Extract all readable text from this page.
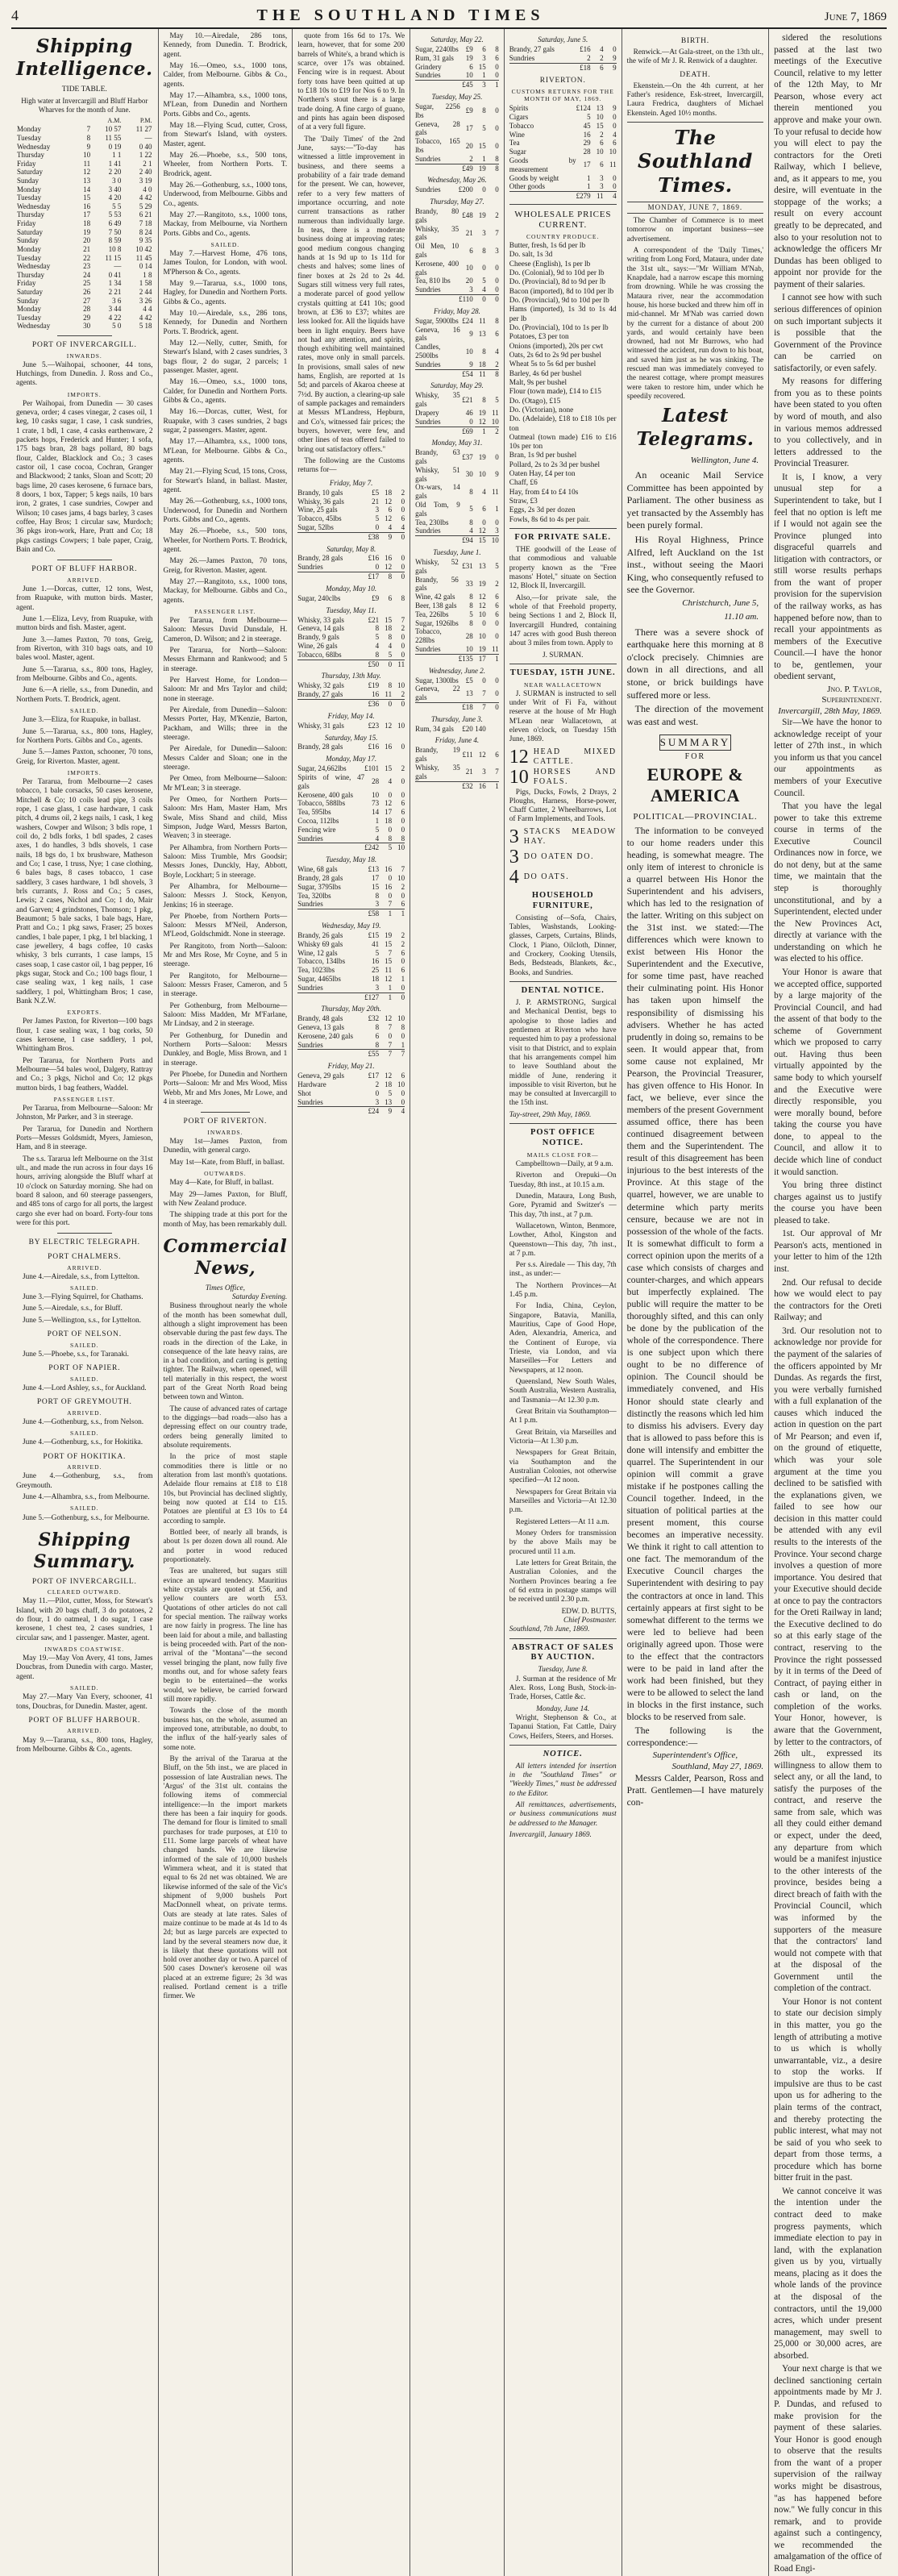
4	THE SOUTHLAND TIMES	June 7, 1869
Shipping Intelligence.
TIDE TABLE.
High water at Invercargill and Bluff Harbor Wharves for the month of June.
		A.M.	P.M.
Monday	7	10 57	11 27
Tuesday	8	11 55	—
Wednesday	9	0 19	0 40
Thursday	10	1 1	1 22
Friday	11	1 41	2 1
Saturday	12	2 20	2 40
Sunday	13	3 0	3 19
Monday	14	3 40	4 0
Tuesday	15	4 20	4 42
Wednesday	16	5 5	5 29
Thursday	17	5 53	6 21
Friday	18	6 49	7 18
Saturday	19	7 50	8 24
Sunday	20	8 59	9 35
Monday	21	10 8	10 42
Tuesday	22	11 15	11 45
Wednesday	23	—	0 14
Thursday	24	0 41	1 8
Friday	25	1 34	1 58
Saturday	26	2 21	2 44
Sunday	27	3 6	3 26
Monday	28	3 44	4 4
Tuesday	29	4 22	4 42
Wednesday	30	5 0	5 18
PORT OF INVERCARGILL.
INWARDS.

June 5.—Waihopai, schooner, 44 tons, Hutchings, from Dunedin. J. Ross and Co., agents.

IMPORTS.

Per Waihopai, from Dunedin — 30 cases geneva, order; 4 cases vinegar, 2 cases oil, 1 keg, 10 casks sugar, 1 case, 1 cask sundries, 1 crate, 1 bdl, 1 case, 4 casks earthenware, 2 packets hops, Frederick and Hunter; 1 sofa, 175 bags bran, 28 bags pollard, 80 bags flour, Calder, Blacklock and Co.; 3 cases castor oil, 1 case cocoa, Cochran, Granger and Blackwood; 2 tanks, Sloan and Scott; 20 bags lime, 20 cases kerosene, 6 furnace bars, 8 doors, 1 box, Tapper; 5 kegs nails, 10 bars iron, 2 grates, 1 case sundries, Cowper and Wilson; 10 cases jams, 4 bags barley, 3 cases coffee, Hay Bros; 1 circular saw, Murdoch; 36 pkgs iron-work, Hare, Pratt and Co; 18 pkgs castings Cowpers; 1 bale paper, Craig, Bain and Co.

PORT OF BLUFF HARBOR.
ARRIVED.

June 1.—Dorcas, cutter, 12 tons, West, from Ruapuke, with mutton birds. Master, agent.

June 1.—Eliza, Levy, from Ruapuke, with mutton birds and fish. Master, agent.

June 3.—James Paxton, 70 tons, Greig, from Riverton, with 310 bags oats, and 10 bales wool. Master, agent.

June 5.—Tararua, s.s., 800 tons, Hagley, from Melbourne. Gibbs and Co., agents.

June 6.—A rielle, s.s., from Dunedin, and Northern Ports. T. Brodrick, agent.

SAILED.

June 3.—Eliza, for Ruapuke, in ballast.

June 5.—Tararua, s.s., 800 tons, Hagley, for Northern Ports. Gibbs and Co., agents.

June 5.—James Paxton, schooner, 70 tons, Greig, for Riverton. Master, agent.

IMPORTS.

Per Tararua, from Melbourne—2 cases tobacco, 1 bale corsacks, 50 cases kerosene, Mitchell & Co; 10 coils lead pipe, 3 coils rope, 1 case glass, 1 case hardware, 1 cask pitch, 4 drums oil, 2 kegs nails, 1 cask, 1 keg washers, Cowper and Wilson; 3 bdls rope, 1 coil do, 2 bdls forks, 1 bdl spades, 2 cases axes, 1 do handles, 3 bdls shovels, 1 case nails, 18 bgs do, 1 bx brushware, Matheson and Co; 1 case, 1 truss, Nye; 1 case clothing, 6 bales bags, 8 cases tobacco, 1 case saddlery, 3 cases hardware, 1 bdl shovels, 3 brls currants, J. Ross and Co.; 5 cases, Lewis; 2 cases, Nichol and Co; 1 do, Mair and Garven; 4 grindstones, Thomson; 1 pkg, Beaumont; 5 bale sacks, 1 bale bags, Hare, Pratt and Co.; 1 pkg saws, Fraser; 25 boxes candles, 1 bale paper, 1 pkg, 1 brl blacking, 1 case jewellery, 4 bags coffee, 10 casks whisky, 3 brls currants, 1 case lamps, 15 cases soap, 1 case castor oil, 1 bag pepper, 16 pkgs sugar, Stock and Co.; 100 bags flour, 1 case sealing wax, 1 keg nails, 1 case saddlery, 1 pol, Whittingham Bros; 1 case, Bank N.Z.W.

EXPORTS.

Per James Paxton, for Riverton—100 bags flour, 1 case sealing wax, 1 bag corks, 50 cases kerosene, 1 case saddlery, 1 pol, Whittingham Bros.

Per Tararua, for Northern Ports and Melbourne—54 bales wool, Dalgety, Rattray and Co.; 3 pkgs, Nichol and Co; 12 pkgs mutton birds, 1 bag feathers, Waddel.

PASSENGER LIST.

Per Tararua, from Melbourne—Saloon: Mr Johnston, Mr Parker, and 3 in steerage.

Per Tararua, for Dunedin and Northern Ports—Messrs Goldsmidt, Myers, Jamieson, Ham, and 8 in steerage.

The s.s. Tararua left Melbourne on the 31st ult., and made the run across in four days 16 hours, arriving alongside the Bluff wharf at 10 o'clock on Saturday morning. She had on board 8 saloon, and 60 steerage passengers, and 485 tons of cargo for all ports, the largest cargo she ever had on board. Forty-four tons were for this port.

BY ELECTRIC TELEGRAPH.
PORT CHALMERS.
ARRIVED.

June 4.—Airedale, s.s., from Lyttelton.

SAILED.

June 3.—Flying Squirrel, for Chathams.

June 5.—Airedale, s.s., for Bluff.

June 5.—Wellington, s.s., for Lyttelton.

PORT OF NELSON.
SAILED.

June 5.—Phoebe, s.s., for Taranaki.

PORT OF NAPIER.
SAILED.

June 4.—Lord Ashley, s.s., for Auckland.

PORT OF GREYMOUTH.
ARRIVED.

June 4.—Gothenburg, s.s., from Nelson.

SAILED.

June 4.—Gothenburg, s.s., for Hokitika.

PORT OF HOKITIKA.
ARRIVED.

June 4.—Gothenburg, s.s., from Greymouth.

June 4.—Alhambra, s.s., from Melbourne.

SAILED.

June 5.—Gothenburg, s.s., for Melbourne.

Shipping Summary.
PORT OF INVERCARGILL.
CLEARED OUTWARD.

May 11.—Pilot, cutter, Moss, for Stewart's Island, with 20 bags chaff, 3 do potatoes, 2 do flour, 1 do oatmeal, 1 do sugar, 1 case kerosene, 1 chest tea, 2 cases sundries, 1 circular saw, and 1 passenger. Master, agent.

INWARDS COASTWISE.

May 19.—May Von Avery, 41 tons, James Doucbras, from Dunedin with cargo. Master, agent.

SAILED.

May 27.—Mary Van Every, schooner, 41 tons, Doucbras, for Dunedin. Master, agent.

PORT OF BLUFF HARBOUR.
ARRIVED.

May 9.—Tararua, s.s., 800 tons, Hagley, from Melbourne. Gibbs & Co., agents.

May 10.—Airedale, 286 tons, Kennedy, from Dunedin. T. Brodrick, agent.

May 16.—Omeo, s.s., 1000 tons, Calder, from Melbourne. Gibbs & Co., agents.

May 17.—Alhambra, s.s., 1000 tons, M'Lean, from Dunedin and Northern Ports. Gibbs and Co., agents.

May 18.—Flying Scud, cutter, Cross, from Stewart's Island, with oysters. Master, agent.

May 26.—Phoebe, s.s., 500 tons, Wheeler, from Northern Ports. T. Brodrick, agent.

May 26.—Gothenburg, s.s., 1000 tons, Underwood, from Melbourne. Gibbs and Co., agents.

May 27.—Rangitoto, s.s., 1000 tons, Mackay, from Melbourne, via Northern Ports. Gibbs and Co., agents.

SAILED.

May 7.—Harvest Home, 476 tons, James Toulon, for London, with wool. M'Pherson & Co., agents.

May 9.—Tararua, s.s., 1000 tons, Hagley, for Dunedin and Northern Ports. Gibbs & Co., agents.

May 10.—Airedale, s.s., 286 tons, Kennedy, for Dunedin and Northern Ports. T. Brodrick, agent.

May 12.—Nelly, cutter, Smith, for Stewart's Island, with 2 cases sundries, 3 bags flour, 2 do sugar, 2 parcels; 1 passenger. Master, agent.

May 16.—Omeo, s.s., 1000 tons, Calder, for Dunedin and Northern Ports. Gibbs & Co., agents.

May 16.—Dorcas, cutter, West, for Ruapuke, with 3 cases sundries, 2 bags sugar, 2 passengers. Master, agent.

May 17.—Alhambra, s.s., 1000 tons, M'Lean, for Melbourne. Gibbs & Co., agents.

May 21.—Flying Scud, 15 tons, Cross, for Stewart's Island, in ballast. Master, agent.

May 26.—Gothenburg, s.s., 1000 tons, Underwood, for Dunedin and Northern Ports. Gibbs and Co., agents.

May 26.—Phoebe, s.s., 500 tons, Wheeler, for Northern Ports. T. Brodrick, agent.

May 26.—James Paxton, 70 tons, Greig, for Riverton. Master, agent.

May 27.—Rangitoto, s.s., 1000 tons, Mackay, for Melbourne. Gibbs and Co., agents.

PASSENGER LIST.

Per Tararua, from Melbourne—Saloon: Messrs David Dunsdale, H. Cameron, D. Wilson; and 2 in steerage.

Per Tararua, for North—Saloon: Messrs Ehrmann and Rankwood; and 5 in steerage.

Per Harvest Home, for London—Saloon: Mr and Mrs Taylor and child; none in steerage.

Per Airedale, from Dunedin—Saloon: Messrs Porter, Hay, M'Kenzie, Barton, Packham, and Wills; three in the steerage.

Per Airedale, for Dunedin—Saloon: Messrs Calder and Sloan; one in the steerage.

Per Omeo, from Melbourne—Saloon: Mr M'Lean; 3 in steerage.

Per Omeo, for Northern Ports—Saloon: Mrs Ham, Master Ham, Mrs Swale, Miss Shand and child, Miss Simpson, Judge Ward, Messrs Barton, Weaven; 3 in steerage.

Per Alhambra, from Northern Ports—Saloon: Miss Trumble, Mrs Goodsir; Messrs Jones, Dunckly, Hay, Abbott, Boyle, Lockhart; 5 in steerage.

Per Alhambra, for Melbourne—Saloon: Messrs J. Stock, Kenyon, Jenkins; 16 in steerage.

Per Phoebe, from Northern Ports—Saloon: Messrs M'Neil, Anderson, M'Leod, Goldschmidt. None in steerage.

Per Rangitoto, from North—Saloon: Mr and Mrs Rose, Mr Coyne, and 5 in steerage.

Per Rangitoto, for Melbourne—Saloon: Messrs Fraser, Cameron, and 5 in steerage.

Per Gothenburg, from Melbourne—Saloon: Miss Madden, Mr M'Farlane, Mr Lindsay, and 2 in steerage.

Per Gothenburg, for Dunedin and Northern Ports—Saloon: Messrs Dunkley, and Bogle, Miss Brown, and 1 in steerage.

Per Phoebe, for Dunedin and Northern Ports—Saloon: Mr and Mrs Wood, Miss Webb, Mr and Mrs Jones, Mr Lowe, and 4 in steerage.

PORT OF RIVERTON.
INWARDS.

May 1st—James Paxton, from Dunedin, with general cargo.

May 1st—Kate, from Bluff, in ballast.

OUTWARDS.

May 4—Kate, for Bluff, in ballast.

May 29—James Paxton, for Bluff, with New Zealand produce.

The shipping trade at this port for the month of May, has been remarkably dull.

Commercial News,
Times Office,
Saturday Evening.

Business throughout nearly the whole of the month has been somewhat dull, although a slight improvement has been observable during the past few days. The roads in the direction of the Lake, in consequence of the late heavy rains, are in a bad condition, and carting is getting tighter. The Railway, when opened, will tell materially in this respect, the worst part of the Great North Road being between town and Winton.

The cause of advanced rates of cartage to the diggings—bad roads—also has a depressing effect on our country trade, orders being generally limited to absolute requirements.

In the price of most staple commodities there is little or no alteration from last month's quotations. Adelaide flour remains at £18 to £18 10s, but Provincial has declined slightly, being now quoted at £14 to £15. Potatoes are plentiful at £3 10s to £4 according to sample.

Bottled beer, of nearly all brands, is about 1s per dozen down all round. Ale and porter in wood reduced proportionately.

Teas are unaltered, but sugars still evince an upward tendency. Mauritius white crystals are quoted at £56, and yellow counters are worth £53. Quotations of other articles do not call for special mention. The railway works are now fairly in progress. The line has been laid for about a mile, and ballasting is being proceeded with. Part of the non-arrival of the "Montana"—the second vessel bringing the plant, now fully five months out, and for whose safety fears begin to be entertained—the works would, we believe, be carried forward still more rapidly.

Towards the close of the month business has, on the whole, assumed an improved tone, attributable, no doubt, to the influx of the half-yearly sales of some note.

By the arrival of the Tararua at the Bluff, on the 5th inst., we are placed in possession of late Australian news. The 'Argus' of the 31st ult. contains the following items of commercial intelligence:—In the import markets there has been a fair inquiry for goods. The demand for flour is limited to small purchases for trade purposes, at £10 to £11. Some large parcels of wheat have changed hands. We are likewise informed of the sale of 10,000 bushels Wimmera wheat, and it is stated that equal to 6s 2d net was obtained. We are likewise informed of the sale of the Vic's shipment of 9,000 bushels Port MacDonnell wheat, on private terms. Oats are steady at late rates. Sales of maize continue to be made at 4s 1d to 4s 2d; but as large parcels are expected to land by the several steamers now due, it is likely that these quotations will not hold over another day or two. A parcel of 500 cases Downer's kerosene oil was placed at an extreme figure; 2s 3d was realised. Portland cement is a trifle firmer. We

quote from 16s 6d to 17s. We learn, however, that for some 200 barrels of White's, a brand which is scarce, over 17s was obtained. Fencing wire is in request. About forty tons have been quitted at up to £18 10s to £19 for Nos 6 to 9. In Northern's stout there is a large trade doing. A fine cargo of guano, and pints has again been disposed of at a very full figure.

The 'Daily Times' of the 2nd June, says:—"To-day has witnessed a little improvement in business, and there seems a probability of a fair trade demand for the present. We can, however, refer to a very few matters of importance occurring, and note current transactions as rather numerous than individually large. In teas, there is a moderate business doing at improving rates; good medium congous changing hands at 1s 9d up to 1s 11d for chests and halves; some lines of finer boxes at 2s 2d to 2s 4d. Sugars still witness very full rates, a moderate parcel of good yellow crystals quitting at £41 10s; good brown, at £36 to £37; whites are less looked for. All the liquids have been in light enquiry. Beers have not had any attention, and spirits, though exhibiting well maintained rates, move only in small parcels. In provisions, small sales of new hams, English, are reported at 1s 5d; and parcels of Akaroa cheese at 7½d. By auction, a clearing-up sale of sample packages and remainders at Messrs M'Landress, Hepburn, and Co's, witnessed fair prices; the buyers, however, were few, and other lines of teas offered failed to bring out satisfactory offers."

The following are the Customs returns for—

Friday, May 7.
Brandy, 10 gals	£5	18	2
Whisky, 36 gals	21	12	0
Wine, 25 gals	3	6	0
Tobacco, 45lbs	5	12	6
Sugar, 52lbs	0	4	4
	£38	9	0
Saturday, May 8.
Brandy, 28 gals	£16	16	0
Sundries	0	12	0
	£17	8	0
Monday, May 10.
Sugar, 240clbs	£9	6	8
Tuesday, May 11.
Whisky, 33 gals	£21	15	7
Geneva, 14 gals	8	18	2
Brandy, 9 gals	5	8	0
Wine, 26 gals	4	4	0
Tobacco, 68lbs	8	5	0
	£50	0	11
Thursday, 13th May.
Whisky, 32 gals	£19	8	10
Brandy, 27 gals	16	11	2
	£36	0	0
Friday, May 14.
Whisky, 31 gals	£23	12	10
Saturday, May 15.
Brandy, 28 gals	£16	16	0
Monday, May 17.
Sugar, 24,662lbs	£101	15	2
Spirits of wine, 47 gals	28	4	0
Kerosene, 400 gals	10	0	0
Tobacco, 588lbs	73	12	6
Tea, 595lbs	14	17	6
Cocoa, 112lbs	1	18	0
Fencing wire	5	0	0
Sundries	4	8	8
	£242	5	10
Tuesday, May 18.
Wine, 68 gals	£13	16	7
Brandy, 28 gals	17	0	10
Sugar, 3795lbs	15	16	2
Tea, 320lbs	8	0	0
Sundries	3	7	6
	£58	1	1
Wednesday, May 19.
Brandy, 26 gals	£15	19	2
Whisky 69 gals	41	15	2
Wine, 12 gals	5	7	6
Tobacco, 134lbs	16	15	0
Tea, 1023lbs	25	11	6
Sugar, 4465lbs	18	12	1
Sundries	3	1	0
	£127	1	0
Thursday, May 20th.
Brandy, 48 gals	£32	12	10
Geneva, 13 gals	8	7	8
Kerosene, 240 gals	6	0	0
Sundries	8	7	1
	£55	7	7
Friday, May 21.
Geneva, 29 gals	£17	12	6
Hardware	2	18	10
Shot	0	5	0
Sundries	3	13	0
	£24	9	4
Saturday, May 22.
Sugar, 2240lbs	£9	6	8
Rum, 31 gals	19	3	6
Grindery	6	15	0
Sundries	10	1	0
	£45	3	1
Tuesday, May 25.
Sugar, 2256 lbs	£9	8	0
Geneva, 28 gals	17	5	0
Tobacco, 165 lbs	20	15	0
Sundries	2	1	8
	£49	19	8
Wednesday, May 26.
Sundries	£200	0	0
Thursday, May 27.
Brandy, 80 gals	£48	19	2
Whisky, 35 gals	21	3	7
Oil Men, 10 gals	6	8	3
Kerosene, 400 gals	10	0	0
Tea, 810 lbs	20	5	0
Sundries	3	4	0
	£110	0	0
Friday, May 28.
Sugar, 5900lbs	£24	11	8
Geneva, 16 gals	9	13	6
Candles, 2500lbs	10	8	4
Sundries	9	18	2
	£54	11	8
Saturday, May 29.
Whisky, 35 gals	£21	8	5
Drapery	46	19	11
Sundries	0	12	10
	£69	1	2
Monday, May 31.
Brandy, 63 gals	£37	19	0
Whisky, 51 gals	30	10	9
Ox-wars, 14 gals	8	4	11
Old Tom, 9 gals	5	6	1
Tea, 230lbs	8	0	0
Sundries	4	12	3
	£94	15	10
Tuesday, June 1.
Whisky, 52 gals	£31	13	5
Brandy, 56 gals	33	19	2
Wine, 42 gals	8	12	6
Beer, 138 gals	8	12	6
Tea, 226lbs	5	10	6
Sugar, 1926lbs	8	0	0
Tobacco, 228lbs	28	10	0
Sundries	10	19	11
	£135	17	1
Wednesday, June 2.
Sugar, 1300lbs	£5	0	0
Geneva, 22 gals	13	7	0
	£18	7	0
Thursday, June 3.
Rum, 34 gals	£20	140	
Friday, June 4.
Brandy, 19 gals	£11	12	6
Whisky, 35 gals	21	3	7
	£32	16	1
Saturday, June 5.
Brandy, 27 gals	£16	4	0
Sundries	2	2	9
	£18	6	9
RIVERTON.
CUSTOMS RETURNS FOR THE MONTH OF MAY, 1869.
Spirits	£124	13	9
Cigars	5	10	0
Tobacco	45	15	0
Wine	16	2	4
Tea	29	6	6
Sugar	28	10	10
Goods by measurement	17	6	11
Goods by weight	1	3	0
Other goods	1	3	0
	£279	11	4
WHOLESALE PRICES CURRENT.
COUNTRY PRODUCE.
Butter, fresh, 1s 6d per lb
Do. salt, 1s 3d
Cheese (English), 1s per lb
Do. (Colonial), 9d to 10d per lb
Do. (Provincial), 8d to 9d per lb
Bacon (imported), 8d to 10d per lb
Do. (Provincial), 9d to 10d per lb
Hams (imported), 1s 3d to 1s 4d per lb
Do. (Provincial), 10d to 1s per lb
Potatoes, £3 per ton
Onions (imported), 20s per cwt
Oats, 2s 6d to 2s 9d per bushel
Wheat 5s to 5s 6d per bushel
Barley, 4s 6d per bushel
Malt, 9s per bushel
Flour (town made), £14 to £15
Do. (Otago), £15
Do. (Victorian), none
Do. (Adelaide), £18 to £18 10s per ton
Oatmeal (town made) £16 to £16 10s per ton
Bran, 1s 9d per bushel
Pollard, 2s to 2s 3d per bushel
Oaten Hay, £4 per ton
Chaff, £6
Hay, from £4 to £4 10s
Straw, £3
Eggs, 2s 3d per dozen
Fowls, 8s 6d to 4s per pair.
FOR PRIVATE SALE.

THE goodwill of the Lease of that commodious and valuable property known as the "Free masons' Hotel," situate on Section 12, Block II, Invercargill.

Also,—for private sale, the whole of that Freehold property, being Sections 1 and 2, Block II, Invercargill Hundred, containing 147 acres with good Bush thereon about 3 miles from town. Apply to

J. SURMAN.
TUESDAY, 15TH JUNE.
NEAR WALLACETOWN

J. SURMAN is instructed to sell under Writ of Fi Fa, without reserve at the house of Mr Hugh M'Lean near Wallacetown, at eleven o'clock, on Tuesday 15th June, 1869.

12 HEAD MIXED CATTLE.
10 HORSES AND FOALS.

Pigs, Ducks, Fowls, 2 Drays, 2 Ploughs, Harness, Horse-power, Chaff Cutter, 2 Wheelbarrows, Lot of Farm Implements, and Tools.

3 STACKS MEADOW HAY.
3 DO OATEN DO.
4 DO OATS.
HOUSEHOLD FURNITURE,

Consisting of—Sofa, Chairs, Tables, Washstands, Looking-glasses, Carpets, Curtains, Blinds, Clock, 1 Piano, Oilcloth, Dinner, and Crockery, Cooking Utensils, Beds, Bedsteads, Blankets, &c., Books, and Sundries.

DENTAL NOTICE.

J. P. ARMSTRONG, Surgical and Mechanical Dentist, begs to apologise to those ladies and gentlemen at Riverton who have requested him to pay a professional visit to that District, and to explain that his arrangements compel him to leave Southland about the middle of June, rendering it impossible to visit Riverton, but he may be consulted at Invercargill to the 15th inst.

Tay-street, 29th May, 1869.
POST OFFICE NOTICE.
MAILS CLOSE FOR—

Campbelltown—Daily, at 9 a.m.

Riverton and Orepuki—On Tuesday, 8th inst., at 10.15 a.m.

Dunedin, Mataura, Long Bush, Gore, Pyramid and Switzer's — This day, 7th inst., at 7 p.m.

Wallacetown, Winton, Benmore, Lowther, Athol, Kingston and Queenstown—This day, 7th inst., at 7 p.m.

Per s.s. Airedale — This day, 7th inst., as under:—

The Northern Provinces—At 1.45 p.m.

For India, China, Ceylon, Singapore, Batavia, Manilla, Mauritius, Cape of Good Hope, Aden, Alexandria, America, and the Continent of Europe, via Trieste, via London, and via Marseilles—For Letters and Newspapers, at 12 noon.

Queensland, New South Wales, South Australia, Western Australia, and Tasmania—At 12.30 p.m.

Great Britain via Southampton—At 1 p.m.

Great Britain, via Marseilles and Victoria—At 1.30 p.m.

Newspapers for Great Britain, via Southampton and the Australian Colonies, not otherwise specified—At 12 noon.

Newspapers for Great Britain via Marseilles and Victoria—At 12.30 p.m.

Registered Letters—At 11 a.m.

Money Orders for transmission by the above Mails may be procured until 11 a.m.

Late letters for Great Britain, the Australian Colonies, and the Northern Provinces bearing a fee of 6d extra in postage stamps will be received until 2.30 p.m.

EDW. D. BUTTS,
Chief Postmaster.
Southland, 7th June, 1869.
ABSTRACT OF SALES BY AUCTION.
Tuesday, June 8.

J. Surman at the residence of Mr Alex. Ross, Long Bush, Stock-in-Trade, Horses, Cattle &c.

Monday, June 14.

Wright, Stephenson & Co., at Tapanui Station, Fat Cattle, Dairy Cows, Heifers, Steers, and Horses.

NOTICE.

All letters intended for insertion in the "Southland Times" or "Weekly Times," must be addressed to the Editor.

All remittances, advertisements, or business communications must be addressed to the Manager.

Invercargill, January 1869.
BIRTH.

Renwick.—At Gala-street, on the 13th ult., the wife of Mr J. R. Renwick of a daughter.

DEATH.

Ekenstein.—On the 4th current, at her Father's residence, Esk-street, Invercargill, Laura Fredrica, daughters of Michael Ekenstein. Aged 10½ months.

The Southland Times.
MONDAY, JUNE 7, 1869.

The Chamber of Commerce is to meet tomorrow on important business—see advertisement.

A correspondent of the 'Daily Times,' writing from Long Ford, Mataura, under date the 31st ult., says:—"Mr William M'Nab, Knapdale, had a narrow escape this morning from drowning. While he was crossing the Mataura river, near the accommodation house, his horse bucked and threw him off in mid-channel. Mr M'Nab was carried down by the current for a distance of about 200 yards, and would certainly have been drowned, had not Mr Burrows, who had witnessed the accident, run down to his boat, and saved him just as he was sinking. The rescued man was immediately conveyed to the nearest cottage, where prompt measures were taken to restore him, under which he speedily recovered.

Latest Telegrams.
Wellington, June 4.

An oceanic Mail Service Committee has been appointed by Parliament. The other business as yet transacted by the Assembly has been purely formal.

His Royal Highness, Prince Alfred, left Auckland on the 1st inst., without seeing the Maori King, who consequently refused to see the Governor.

Christchurch, June 5,
11.10 am.

There was a severe shock of earthquake here this morning at 8 o'clock precisely. Chimnies are down in all directions, and all stone, or brick buildings have suffered more or less.

The direction of the movement was east and west.

SUMMARY
FOR
EUROPE & AMERICA
POLITICAL—PROVINCIAL.

The information to be conveyed to our home readers under this heading, is somewhat meagre. The only item of interest to chronicle is a quarrel between His Honor the Superintendent and his advisers, which has led to the resignation of the latter. Writing on this subject on the 31st inst. we stated:—The differences which were known to exist between His Honor the Superintendent and the Executive, for some time past, have reached their culminating point. His Honor has taken upon himself the responsibility of dismissing his advisers. Whether he has acted prudently in doing so, remains to be seen. It would appear that, from some cause not explained, Mr Pearson, the Provincial Treasurer, has given offence to His Honor. In fact, we believe, ever since the members of the present Government assumed office, there has been continued disagreement between them and the Superintendent. The result of this disagreement has been injurious to the best interests of the Province. At this stage of the quarrel, however, we are unable to determine which party merits censure, because we are not in possession of the whole of the facts. It is somewhat difficult to form a correct opinion upon the merits of a case which consists of charges and counter-charges, and which appears but imperfectly explained. The public will require the matter to be thoroughly sifted, and this can only be done by the publication of the whole of the correspondence. There is one subject upon which there ought to be no difference of opinion. The Council should be immediately convened, and His Honor should state clearly and distinctly the reasons which led him to dismiss his advisers. Every day that is allowed to pass before this is done will intensify and embitter the quarrel. The Superintendent in our opinion will commit a grave mistake if he postpones calling the Council together. Indeed, in the situation of political parties at the present moment, this course becomes an imperative necessity. We think it right to call attention to one fact. The memorandum of the Executive Council charges the Superintendent with desiring to pay the contractors at once in land. This certainly appears at first sight to be somewhat different to the terms we were led to believe had been originally agreed upon. Those were to the effect that the contractors were to be paid in land after the work had been finished, but they were to be allowed to select the land in blocks in the first instance, such blocks to be reserved from sale.

The following is the correspondence:—

Superintendent's Office,
Southland, May 27, 1869.

Messrs Calder, Pearson, Ross and Pratt. Gentlemen—I have maturely con-

sidered the resolutions passed at the last two meetings of the Executive Council, relative to my letter of the 12th May, to Mr Pearson, whose every act therein mentioned you approve and make your own. To your refusal to decide how you will elect to pay the contractors for the Oreti Railway, which I believe, and, as it appears to me, you desire, will eventuate in the stoppage of the works; a result on every account greatly to be deprecated, and also to your resolution not to acknowledge the officers Mr Dundas has been obliged to appoint nor provide for the payment of their salaries.

I cannot see how with such serious differences of opinion on such important subjects it is possible that the Government of the Province can be carried on satisfactorily, or even safely.

My reasons for differing from you as to these points have been stated to you often by word of mouth, and also in various memos addressed to you collectively, and in letters addressed to the Provincial Treasurer.

It is, I know, a very unusual step for a Superintendent to take, but I feel that no option is left me if I would not again see the Province plunged into disgraceful quarrels and litigation with contractors, or still worse results perhaps from the want of proper provision for the supervision of the railway works, as has happened before now, than to recall your appointments as members of the Executive Council.—I have the honor to be, gentlemen, your obedient servant,

Jno. P. Taylor, Superintendent.
Invercargill, 28th May, 1869.

Sir—We have the honor to acknowledge receipt of your letter of 27th inst., in which you inform us that you cancel our appointments as members of your Executive Council.

That you have the legal power to take this extreme course in terms of the Executive Council Ordinances now in force, we do not deny, but at the same time, we maintain that the step is thoroughly unconstitutional, and by a Superintendent, elected under the New Provinces Act, directly at variance with the understanding on which he was elected to his office.

Your Honor is aware that we accepted office, supported by a large majority of the Provincial Council, and had the assent of that body to the scheme of Government which we proposed to carry out. Having thus been virtually appointed by the same body to which yourself and the Executive were directly responsible, you were morally bound, before taking the course you have done, to appeal to the Council, and allow it to decide which line of conduct it would sanction.

You bring three distinct charges against us to justify the course you have been pleased to take.

1st. Our approval of Mr Pearson's acts, mentioned in your letter to him of the 12th inst.

2nd. Our refusal to decide how we would elect to pay the contractors for the Oreti Railway; and

3rd. Our resolution not to acknowledge nor provide for the payment of the salaries of the officers appointed by Mr Dundas. As regards the first, you were verbally furnished with a full explanation of the causes which induced the action in question on the part of Mr Pearson; and even if, on the ground of etiquette, which was your sole argument at the time you declined to be satisfied with the explanations given, we failed to see how our decision in this matter could be attended with any evil results to the interests of the Province. Your second charge involves a question of more importance. You desired that your Executive should decide at once to pay the contractors for the Oreti Railway in land; the Executive declined to do so at this early stage of the contract, reserving to the Province the right possessed by it in terms of the Deed of Contract, of paying either in cash or land, on the completion of the works. Your Honor, however, is aware that the Government, by letter to the contractors, of 26th ult., expressed its willingness to allow them to select any, or all the land, to satisfy the purposes of the contract, and reserve the same from sale, which was all they could either demand or expect, under the deed, any departure from which would be a manifest injustice to the other interests of the province, besides being a direct breach of faith with the Provincial Council, which was informed by the supporters of the measure that the contractors' land would not compete with that at the disposal of the Government until the completion of the contract.

Your Honor is not content to state our decision simply in this matter, you go the length of attributing a motive to us which is wholly unwarrantable, viz., a desire to stop the works. If impulsive are thus to be cast upon us for adhering to the plain terms of the contract, and thereby protecting the public interest, what may not be said of you who seek to depart from those terms, a procedure which has borne bitter fruit in the past.

We cannot conceive it was the intention under the contract deed to make progress payments, which immediate election to pay in land, with the explanation given us by you, virtually means, placing as it does the whole lands of the province at the disposal of the contractors, until the 19,000 acres, which under present management, may swell to 25,000 or 30,000 acres, are absorbed.

Your next charge is that we declined sanctioning certain appointments made by Mr J. P. Dundas, and refused to make provision for the payment of these salaries. Your Honor is good enough to observe that the results from the want of a proper supervision of the railway works might be disastrous, "as has happened before now." We fully concur in this remark, and to provide against such a contingency, we recommended the amalgamation of the office of Road Engi-
